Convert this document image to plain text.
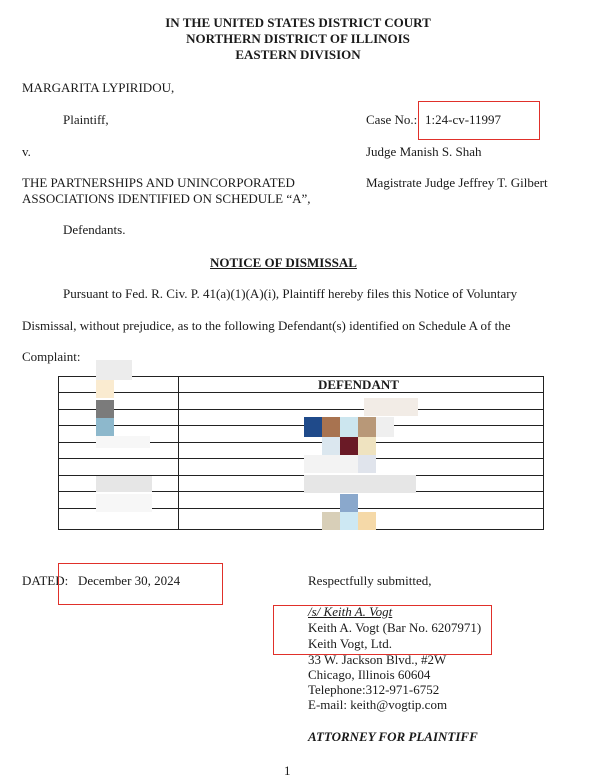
IN THE UNITED STATES DISTRICT COURT
NORTHERN DISTRICT OF ILLINOIS
EASTERN DIVISION
MARGARITA LYPIRIDOU,
Plaintiff,
v.
THE PARTNERSHIPS AND UNINCORPORATED
ASSOCIATIONS IDENTIFIED ON SCHEDULE “A”,
Defendants.
Case No.: 1:24-cv-11997
Judge Manish S. Shah
Magistrate Judge Jeffrey T. Gilbert
NOTICE OF DISMISSAL
Pursuant to Fed. R. Civ. P. 41(a)(1)(A)(i), Plaintiff hereby files this Notice of Voluntary
Dismissal, without prejudice, as to the following Defendant(s) identified on Schedule A of the
Complaint:
DEFENDANT
DATED: December 30, 2024	Respectfully submitted,
/s/ Keith A. Vogt
Keith A. Vogt (Bar No. 6207971)
Keith Vogt, Ltd.
33 W. Jackson Blvd., #2W
Chicago, Illinois 60604
Telephone:312-971-6752
E-mail: keith@vogtip.com
ATTORNEY FOR PLAINTIFF
1
